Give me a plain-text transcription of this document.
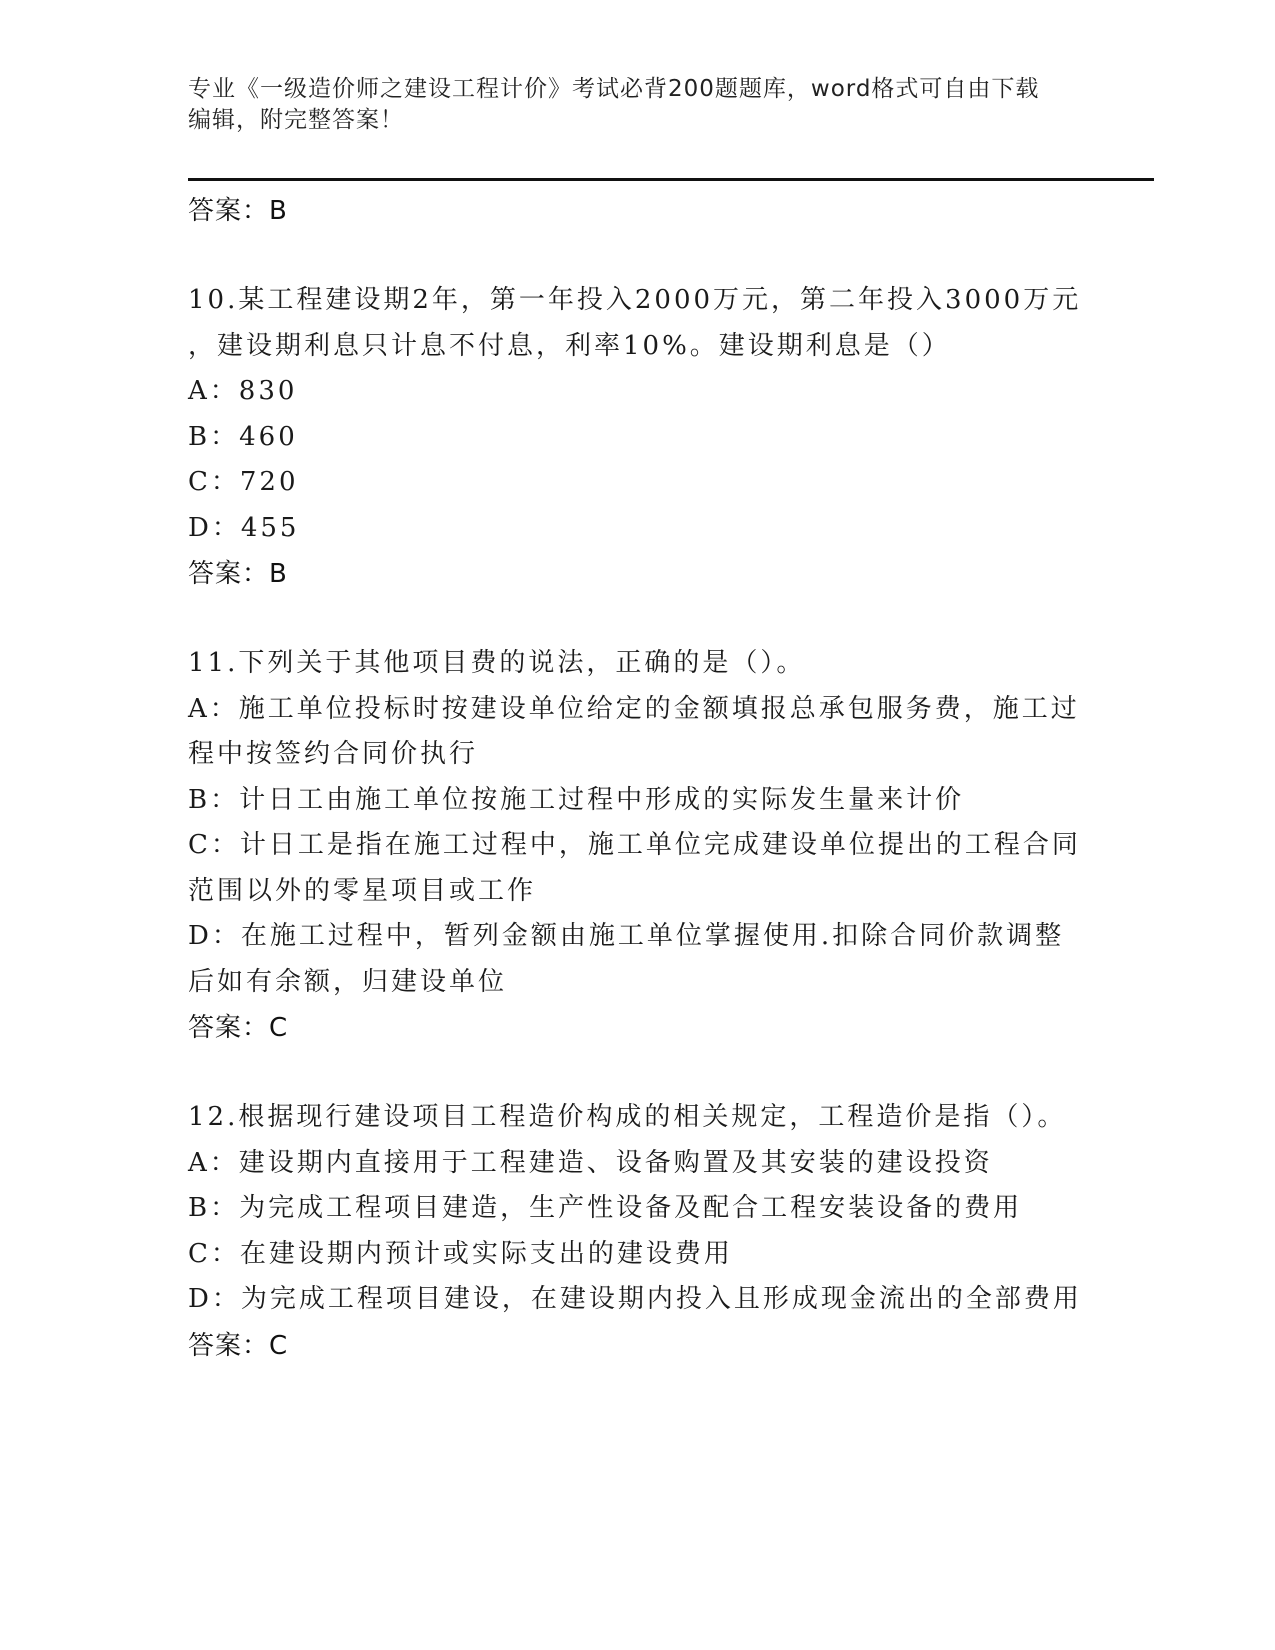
专业《一级造价师之建设工程计价》考试必背200题题库，word格式可自由下载
编辑，附完整答案！
答案：B
10.某工程建设期2年，第一年投入2000万元，第二年投入3000万元
，建设期利息只计息不付息，利率10%。建设期利息是（）
A：830
B：460
C：720
D：455
答案：B
11.下列关于其他项目费的说法，正确的是（）。
A：施工单位投标时按建设单位给定的金额填报总承包服务费，施工过
程中按签约合同价执行
B：计日工由施工单位按施工过程中形成的实际发生量来计价
C：计日工是指在施工过程中，施工单位完成建设单位提出的工程合同
范围以外的零星项目或工作
D：在施工过程中，暂列金额由施工单位掌握使用.扣除合同价款调整
后如有余额，归建设单位
答案：C
12.根据现行建设项目工程造价构成的相关规定，工程造价是指（）。
A：建设期内直接用于工程建造、设备购置及其安装的建设投资
B：为完成工程项目建造，生产性设备及配合工程安装设备的费用
C：在建设期内预计或实际支出的建设费用
D：为完成工程项目建设，在建设期内投入且形成现金流出的全部费用
答案：C
